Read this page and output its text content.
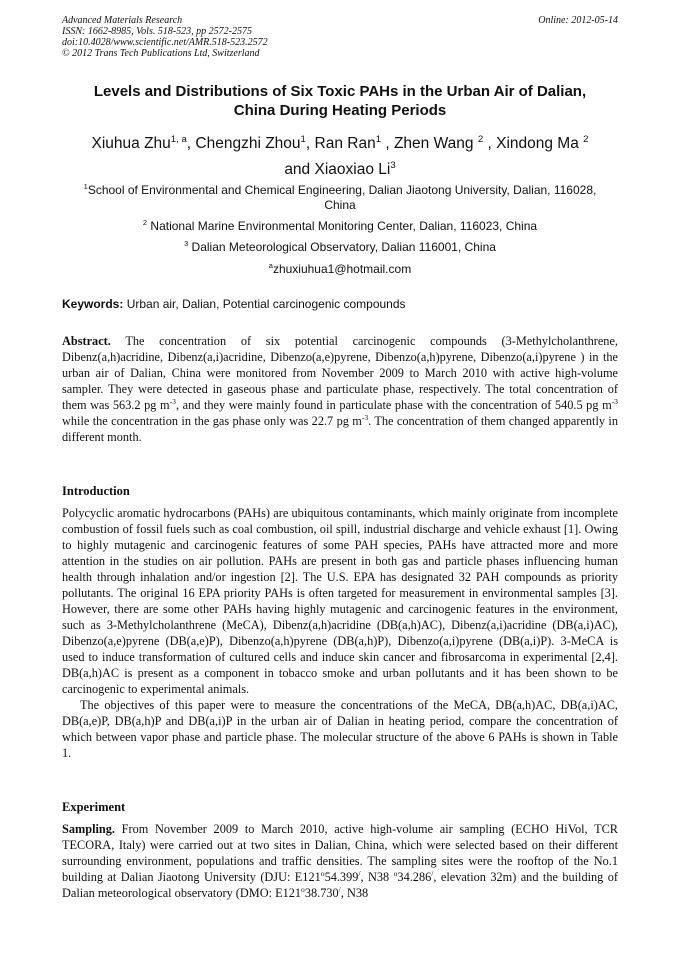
Advanced Materials Research
ISSN: 1662-8985, Vols. 518-523, pp 2572-2575
doi:10.4028/www.scientific.net/AMR.518-523.2572
© 2012 Trans Tech Publications Ltd, Switzerland
Online: 2012-05-14
Levels and Distributions of Six Toxic PAHs in the Urban Air of Dalian,
China During Heating Periods
Xiuhua Zhu$^{1, a}$, Chengzhi Zhou$^1$, Ran Ran$^1$ , Zhen Wang $^2$ , Xindong Ma $^2$
and Xiaoxiao Li$^3$
$^1$School of Environmental and Chemical Engineering, Dalian Jiaotong University, Dalian, 116028,
China
$^2$ National Marine Environmental Monitoring Center, Dalian, 116023, China
$^3$ Dalian Meteorological Observatory, Dalian 116001, China
$^a$zhuxiuhua1@hotmail.com
Keywords: Urban air, Dalian, Potential carcinogenic compounds

Abstract. The concentration of six potential carcinogenic compounds (3-Methylcholanthrene, Dibenz(a,h)acridine, Dibenz(a,i)acridine, Dibenzo(a,e)pyrene, Dibenzo(a,h)pyrene, Dibenzo(a,i)pyrene ) in the urban air of Dalian, China were monitored from November 2009 to March 2010 with active high-volume sampler. They were detected in gaseous phase and particulate phase, respectively. The total concentration of them was 563.2 pg $m^{-3}$, and they were mainly found in particulate phase with the concentration of 540.5 pg $m^{-3}$ while the concentration in the gas phase only was 22.7 pg $m^{-3}$. The concentration of them changed apparently in different month.

Introduction

Polycyclic aromatic hydrocarbons (PAHs) are ubiquitous contaminants, which mainly originate from incomplete combustion of fossil fuels such as coal combustion, oil spill, industrial discharge and vehicle exhaust [1]. Owing to highly mutagenic and carcinogenic features of some PAH species, PAHs have attracted more and more attention in the studies on air pollution. PAHs are present in both gas and particle phases influencing human health through inhalation and/or ingestion [2]. The U.S. EPA has designated 32 PAH compounds as priority pollutants. The original 16 EPA priority PAHs is often targeted for measurement in environmental samples [3]. However, there are some other PAHs having highly mutagenic and carcinogenic features in the environment, such as 3-Methylcholanthrene (MeCA), Dibenz(a,h)acridine (DB(a,h)AC), Dibenz(a,i)acridine (DB(a,i)AC), Dibenzo(a,e)pyrene (DB(a,e)P), Dibenzo(a,h)pyrene (DB(a,h)P), Dibenzo(a,i)pyrene (DB(a,i)P). 3-MeCA is used to induce transformation of cultured cells and induce skin cancer and fibrosarcoma in experimental [2,4]. DB(a,h)AC is present as a component in tobacco smoke and urban pollutants and it has been shown to be carcinogenic to experimental animals.

The objectives of this paper were to measure the concentrations of the MeCA, DB(a,h)AC, DB(a,i)AC, DB(a,e)P, DB(a,h)P and DB(a,i)P in the urban air of Dalian in heating period, compare the concentration of which between vapor phase and particle phase. The molecular structure of the above 6 PAHs is shown in Table 1.

Experiment

Sampling. From November 2009 to March 2010, active high-volume air sampling (ECHO HiVol, TCR TECORA, Italy) were carried out at two sites in Dalian, China, which were selected based on their different surrounding environment, populations and traffic densities. The sampling sites were the rooftop of the No.1 building at Dalian Jiaotong University (DJU: E121$^o$54.399/, N38 $^o$34.286/, elevation 32m) and the building of Dalian meteorological observatory (DMO: E121$^o$38.730/, N38
